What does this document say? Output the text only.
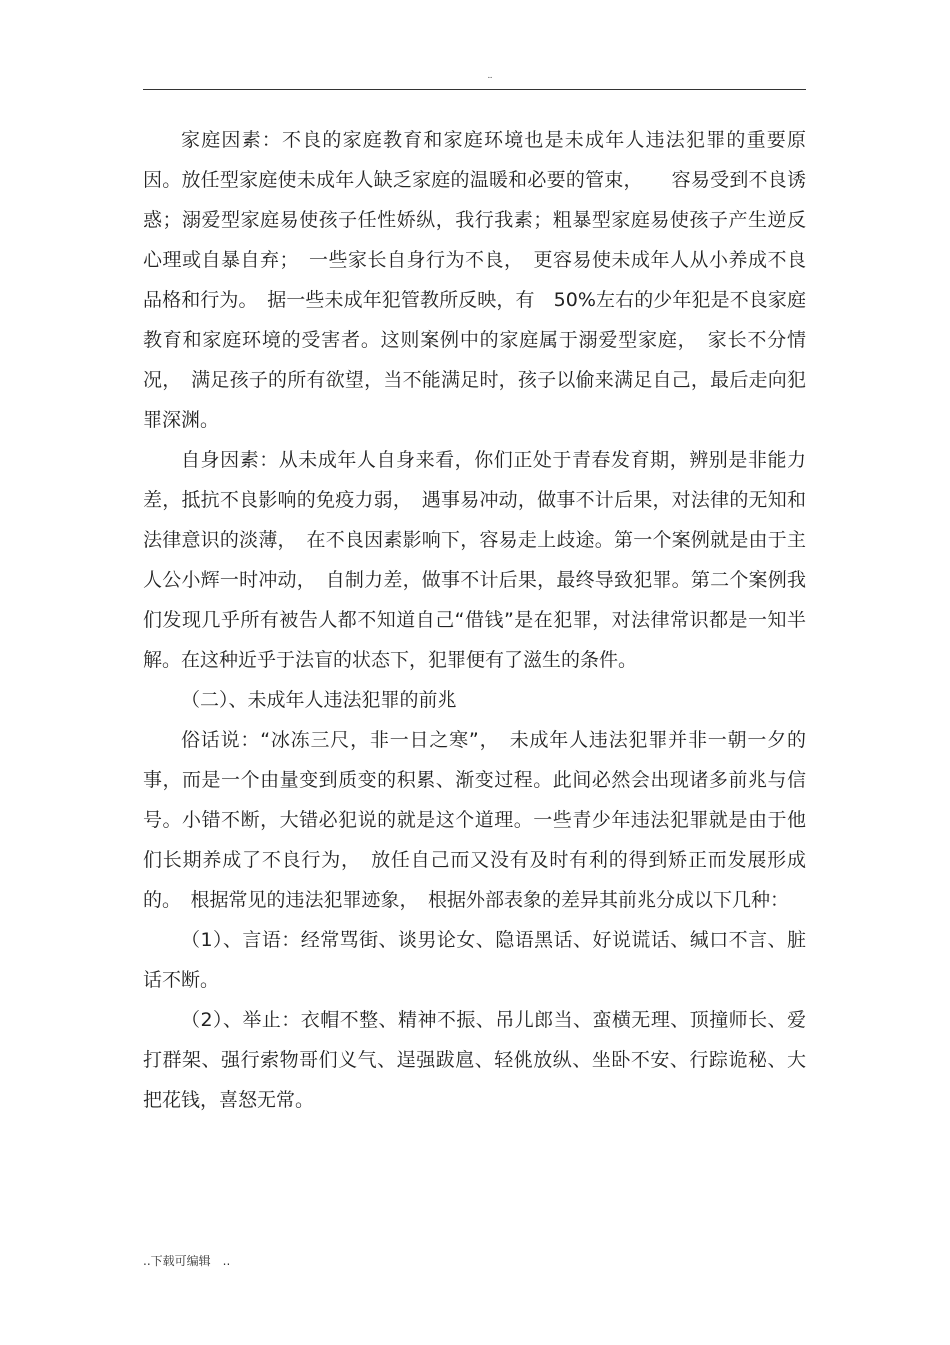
..

家庭因素：不良的家庭教育和家庭环境也是未成年人违法犯罪的重要原因。放任型家庭使未成年人缺乏家庭的温暖和必要的管束，　　容易受到不良诱惑；溺爱型家庭易使孩子任性娇纵，我行我素；粗暴型家庭易使孩子产生逆反心理或自暴自弃；　一些家长自身行为不良，　更容易使未成年人从小养成不良品格和行为。　据一些未成年犯管教所反映，有　50%左右的少年犯是不良家庭教育和家庭环境的受害者。这则案例中的家庭属于溺爱型家庭，　家长不分情况，　满足孩子的所有欲望，当不能满足时，孩子以偷来满足自己，最后走向犯罪深渊。

自身因素：从未成年人自身来看，你们正处于青春发育期，辨别是非能力差，抵抗不良影响的免疫力弱，　遇事易冲动，做事不计后果，对法律的无知和法律意识的淡薄，　在不良因素影响下，容易走上歧途。第一个案例就是由于主人公小辉一时冲动，　自制力差，做事不计后果，最终导致犯罪。第二个案例我们发现几乎所有被告人都不知道自己“借钱”是在犯罪，对法律常识都是一知半解。在这种近乎于法盲的状态下，犯罪便有了滋生的条件。

（二）、未成年人违法犯罪的前兆

俗话说：“冰冻三尺，非一日之寒”，　未成年人违法犯罪并非一朝一夕的事，而是一个由量变到质变的积累、渐变过程。此间必然会出现诸多前兆与信号。小错不断，大错必犯说的就是这个道理。一些青少年违法犯罪就是由于他们长期养成了不良行为，　放任自己而又没有及时有利的得到矫正而发展形成的。　根据常见的违法犯罪迹象，　根据外部表象的差异其前兆分成以下几种：

（1）、言语：经常骂街、谈男论女、隐语黑话、好说谎话、缄口不言、脏话不断。

（2）、举止：衣帽不整、精神不振、吊儿郎当、蛮横无理、顶撞师长、爱打群架、强行索物哥们义气、逞强跋扈、轻佻放纵、坐卧不安、行踪诡秘、大把花钱，喜怒无常。

..下载可编辑　..
